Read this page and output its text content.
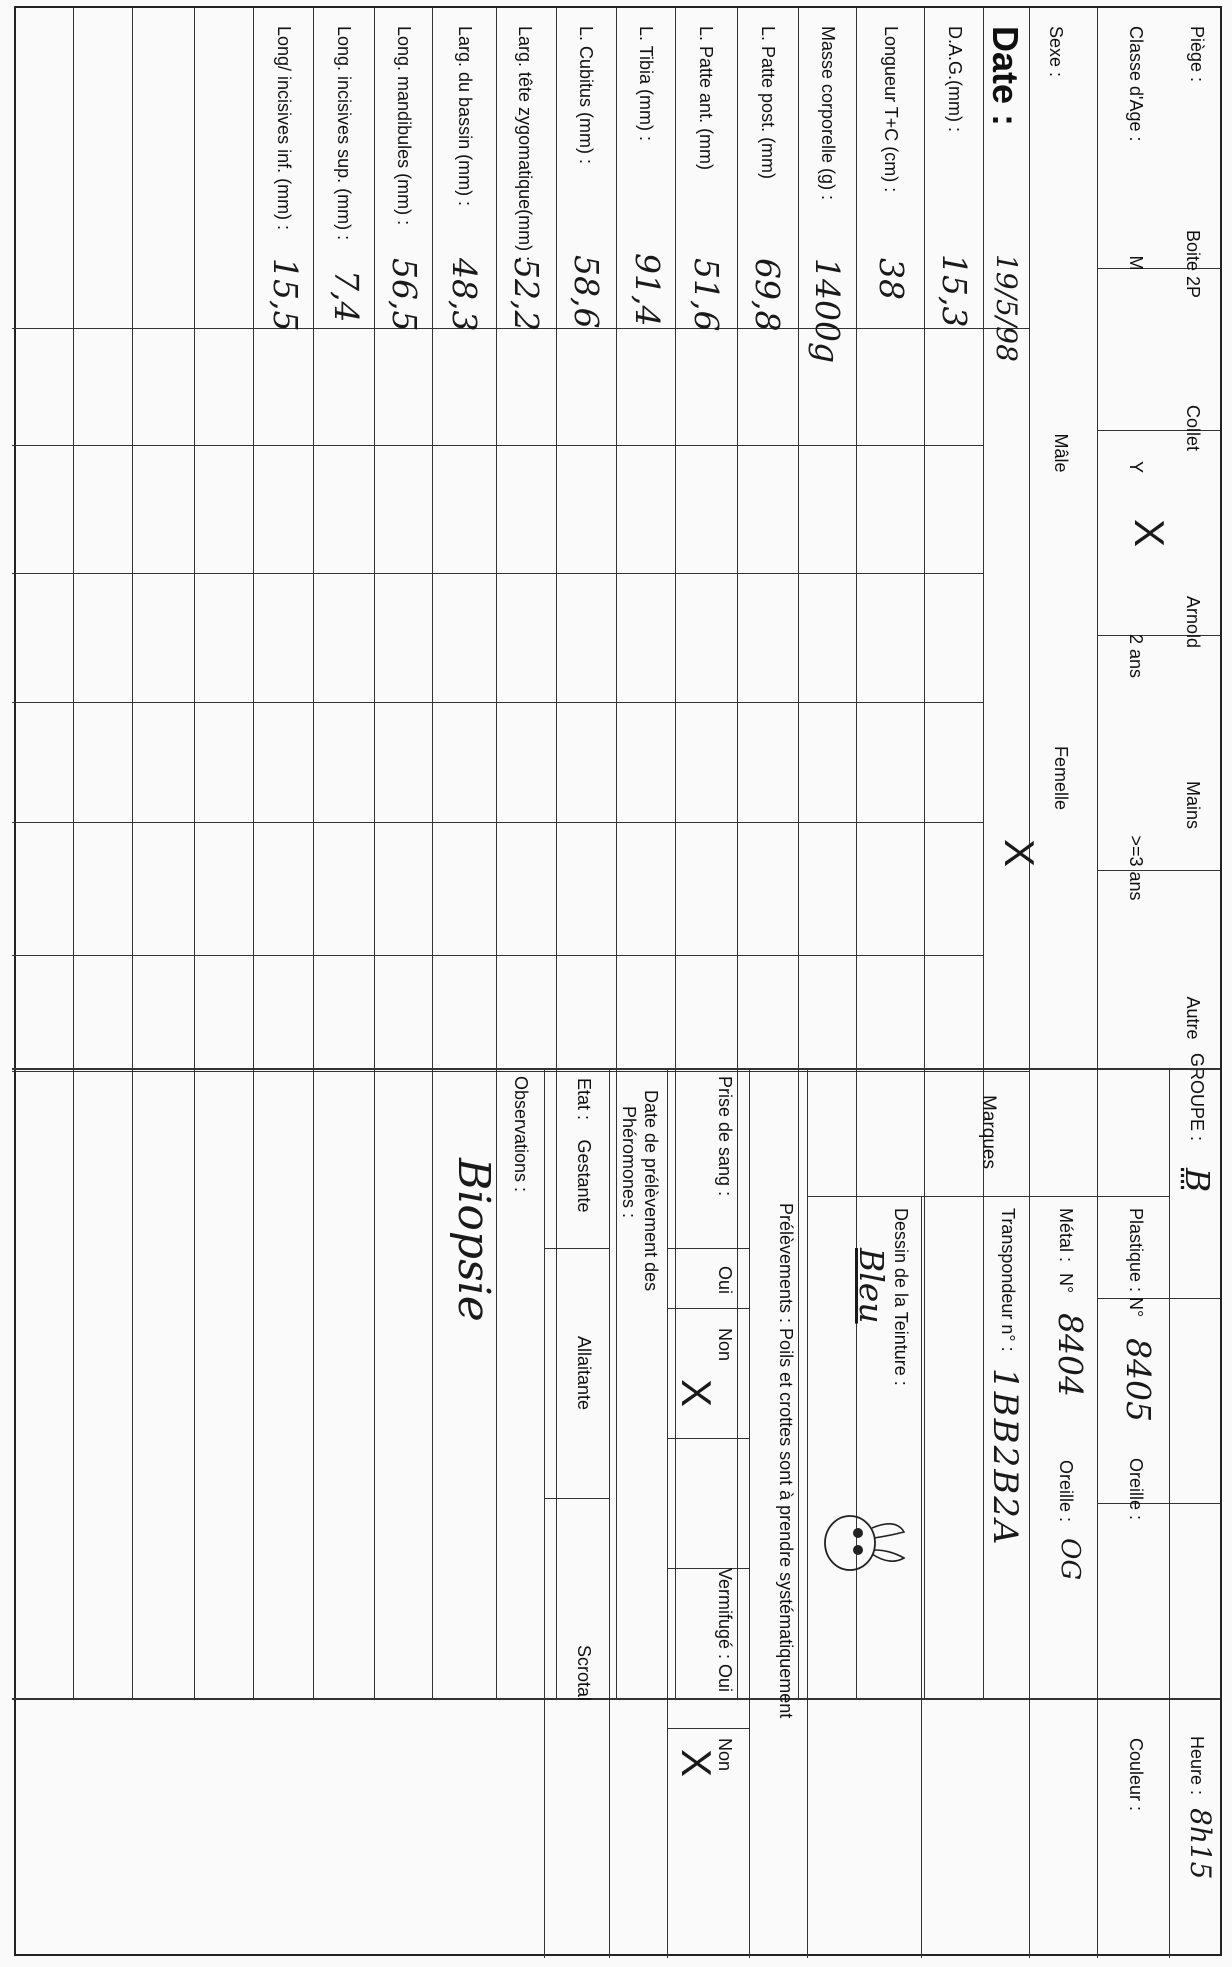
Piège :
Boite 2P
Collet
Arnold
Mains
Autre
Classe d'Age :
M
Y
2 ans
>=3 ans
X
Sexe :
Mâle
Femelle
X
Date :
19/5/98
D.A.G.(mm) :
15,3
Longueur T+C (cm) :
38
Masse corporelle (g) :
1400g
L. Patte post. (mm)
69,8
L. Patte ant. (mm)
51,6
L. Tibia (mm) :
91,4
L. Cubitus (mm) :
58,6
Larg. tête zygomatique(mm) :
52,2
Larg. du bassin (mm) :
48,3
Long. mandibules (mm) :
56,5
Long. incisives sup. (mm) :
7,4
Long/ incisives inf. (mm) :
15,5
GROUPE :
B
Heure :
8h15
Marques
Plastique : N°
8405
Oreille :
Couleur :
Métal :
N°
8404
Oreille :
OG
Transpondeur n° :
1BB2B2A
Dessin de la Teinture :
Bleu
Prélèvements : Poils et crottes sont à prendre systématiquement
Prise de sang :
Oui
Non
X
Vermifugé : Oui
Non
X
Date de prélèvement des
Phéromones :
Etat :
Gestante
Allaitante
Scrotal
Observations :
Biopsie
